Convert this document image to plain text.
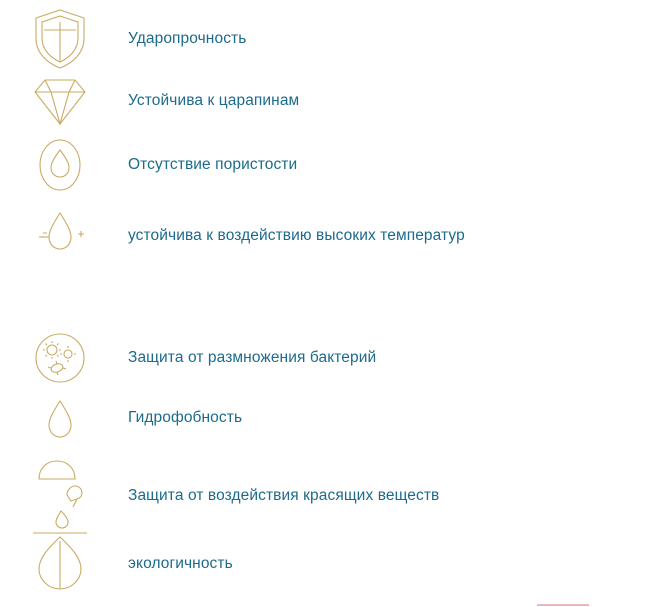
Ударопрочность
Устойчива к царапинам
Отсутствие пористости
устойчива к воздействию высоких температур
Защита от размножения бактерий
Гидрофобность
Защита от воздействия красящих веществ
экологичность
